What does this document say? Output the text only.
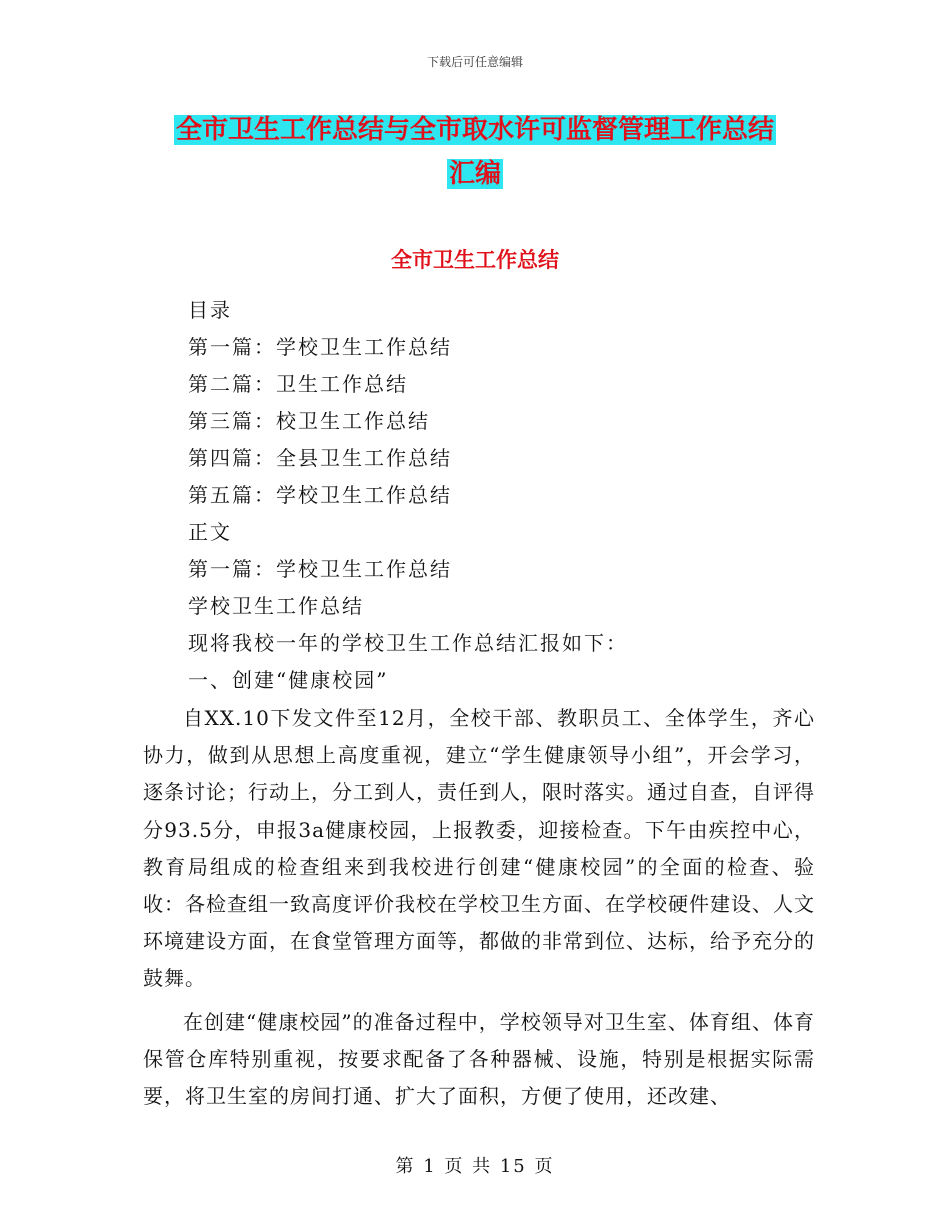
下载后可任意编辑
全市卫生工作总结与全市取水许可监督管理工作总结
汇编
全市卫生工作总结
目录
第一篇：学校卫生工作总结
第二篇：卫生工作总结
第三篇：校卫生工作总结
第四篇：全县卫生工作总结
第五篇：学校卫生工作总结
正文
第一篇：学校卫生工作总结
学校卫生工作总结
现将我校一年的学校卫生工作总结汇报如下：
一、创建“健康校园”

自XX.10下发文件至12月，全校干部、教职员工、全体学生，齐心协力，做到从思想上高度重视，建立“学生健康领导小组”，开会学习，逐条讨论；行动上，分工到人，责任到人，限时落实。通过自查，自评得分93.5分，申报3a健康校园，上报教委，迎接检查。下午由疾控中心，教育局组成的检查组来到我校进行创建“健康校园”的全面的检查、验收：各检查组一致高度评价我校在学校卫生方面、在学校硬件建设、人文环境建设方面，在食堂管理方面等，都做的非常到位、达标，给予充分的鼓舞。

在创建“健康校园”的准备过程中，学校领导对卫生室、体育组、体育保管仓库特别重视，按要求配备了各种器械、设施，特别是根据实际需要，将卫生室的房间打通、扩大了面积，方便了使用，还改建、

第 1 页 共 15 页
